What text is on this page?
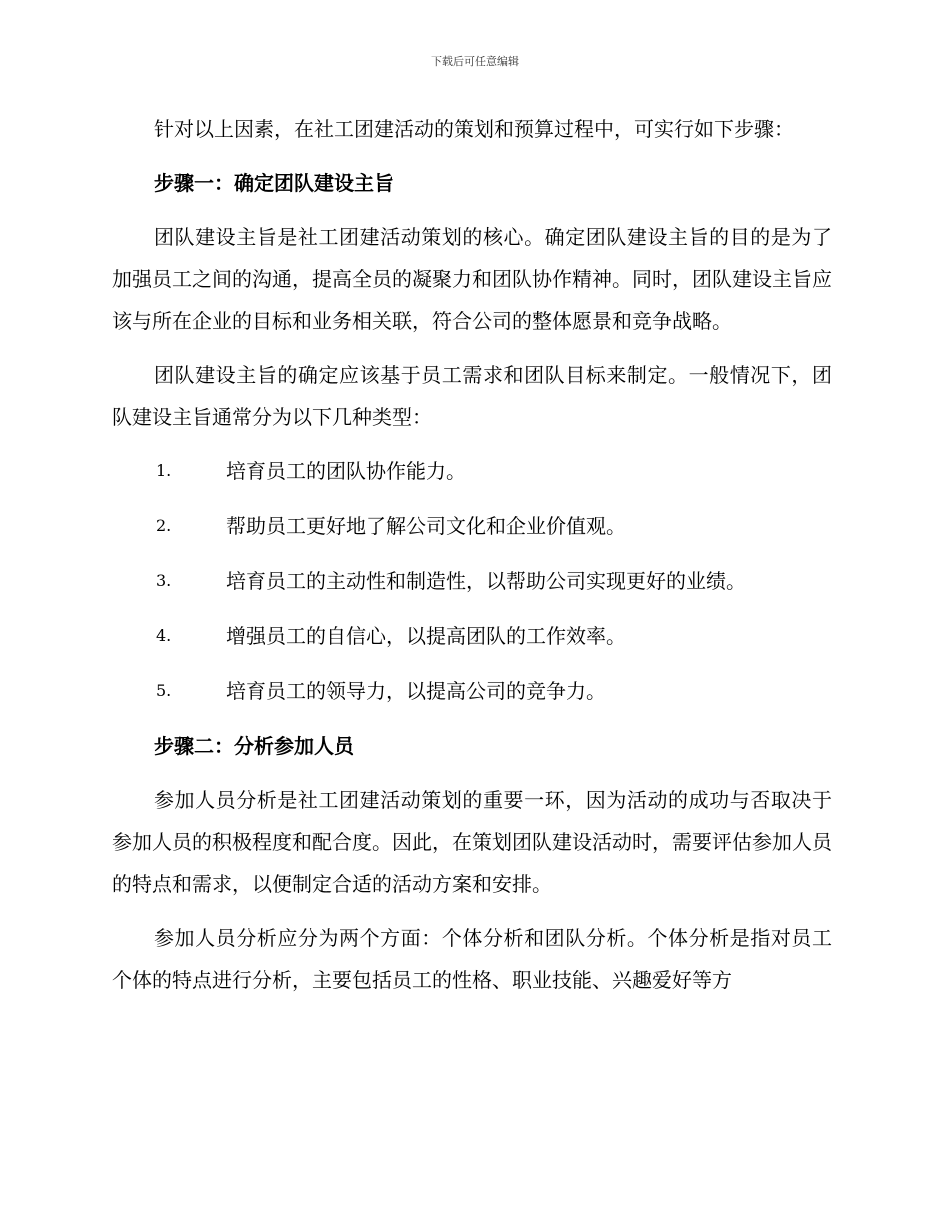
下载后可任意编辑

针对以上因素，在社工团建活动的策划和预算过程中，可实行如下步骤：

步骤一：确定团队建设主旨

团队建设主旨是社工团建活动策划的核心。确定团队建设主旨的目的是为了加强员工之间的沟通，提高全员的凝聚力和团队协作精神。同时，团队建设主旨应该与所在企业的目标和业务相关联，符合公司的整体愿景和竞争战略。

团队建设主旨的确定应该基于员工需求和团队目标来制定。一般情况下，团队建设主旨通常分为以下几种类型：

1.	培育员工的团队协作能力。
2.	帮助员工更好地了解公司文化和企业价值观。
3.	培育员工的主动性和制造性，以帮助公司实现更好的业绩。
4.	增强员工的自信心，以提高团队的工作效率。
5.	培育员工的领导力，以提高公司的竞争力。
步骤二：分析参加人员

参加人员分析是社工团建活动策划的重要一环，因为活动的成功与否取决于参加人员的积极程度和配合度。因此，在策划团队建设活动时，需要评估参加人员的特点和需求，以便制定合适的活动方案和安排。

参加人员分析应分为两个方面：个体分析和团队分析。个体分析是指对员工个体的特点进行分析，主要包括员工的性格、职业技能、兴趣爱好等方
